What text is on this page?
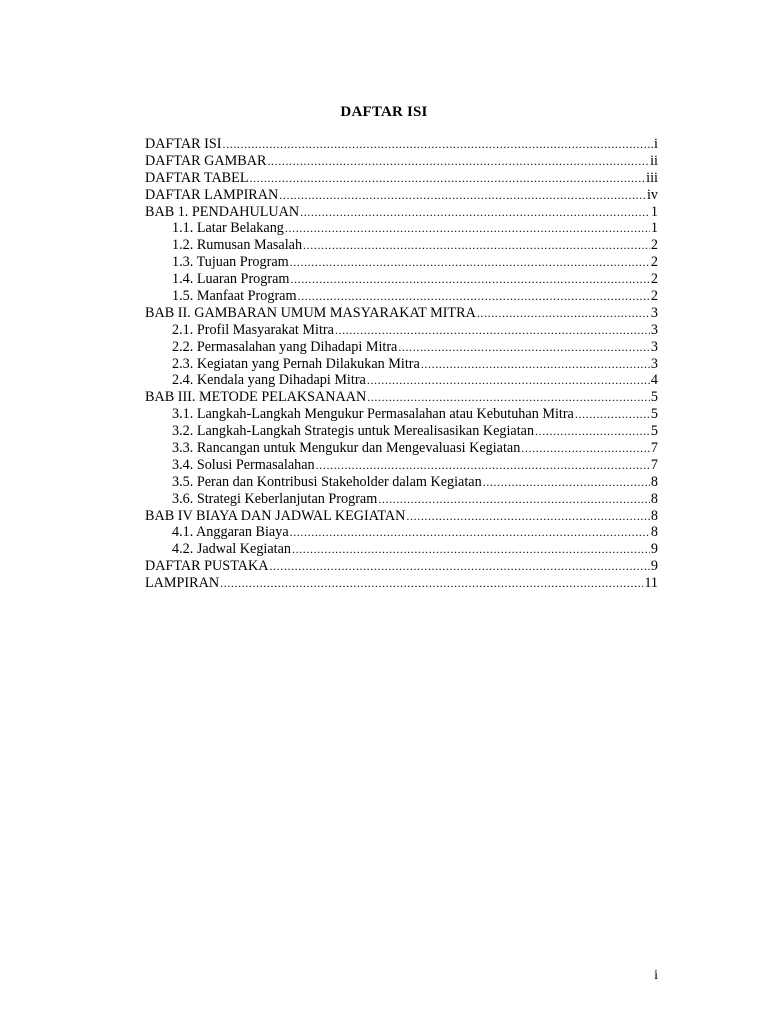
DAFTAR ISI
DAFTAR ISI .....	i
DAFTAR GAMBAR .....	ii
DAFTAR TABEL .....	iii
DAFTAR LAMPIRAN .....	iv
BAB 1. PENDAHULUAN .....	1
1.1. Latar Belakang .....	1
1.2. Rumusan Masalah .....	2
1.3. Tujuan Program .....	2
1.4. Luaran Program .....	2
1.5. Manfaat Program .....	2
BAB II. GAMBARAN UMUM MASYARAKAT MITRA .....	3
2.1. Profil Masyarakat Mitra .....	3
2.2. Permasalahan yang Dihadapi Mitra .....	3
2.3. Kegiatan yang Pernah Dilakukan Mitra .....	3
2.4. Kendala yang Dihadapi Mitra .....	4
BAB III. METODE PELAKSANAAN .....	5
3.1. Langkah-Langkah Mengukur Permasalahan atau Kebutuhan Mitra .....	5
3.2. Langkah-Langkah Strategis untuk Merealisasikan Kegiatan .....	5
3.3. Rancangan untuk Mengukur dan Mengevaluasi Kegiatan .....	7
3.4. Solusi Permasalahan .....	7
3.5. Peran dan Kontribusi Stakeholder dalam Kegiatan .....	8
3.6. Strategi Keberlanjutan Program .....	8
BAB IV BIAYA DAN JADWAL KEGIATAN .....	8
4.1. Anggaran Biaya .....	8
4.2. Jadwal Kegiatan .....	9
DAFTAR PUSTAKA .....	9
LAMPIRAN .....	11
i
